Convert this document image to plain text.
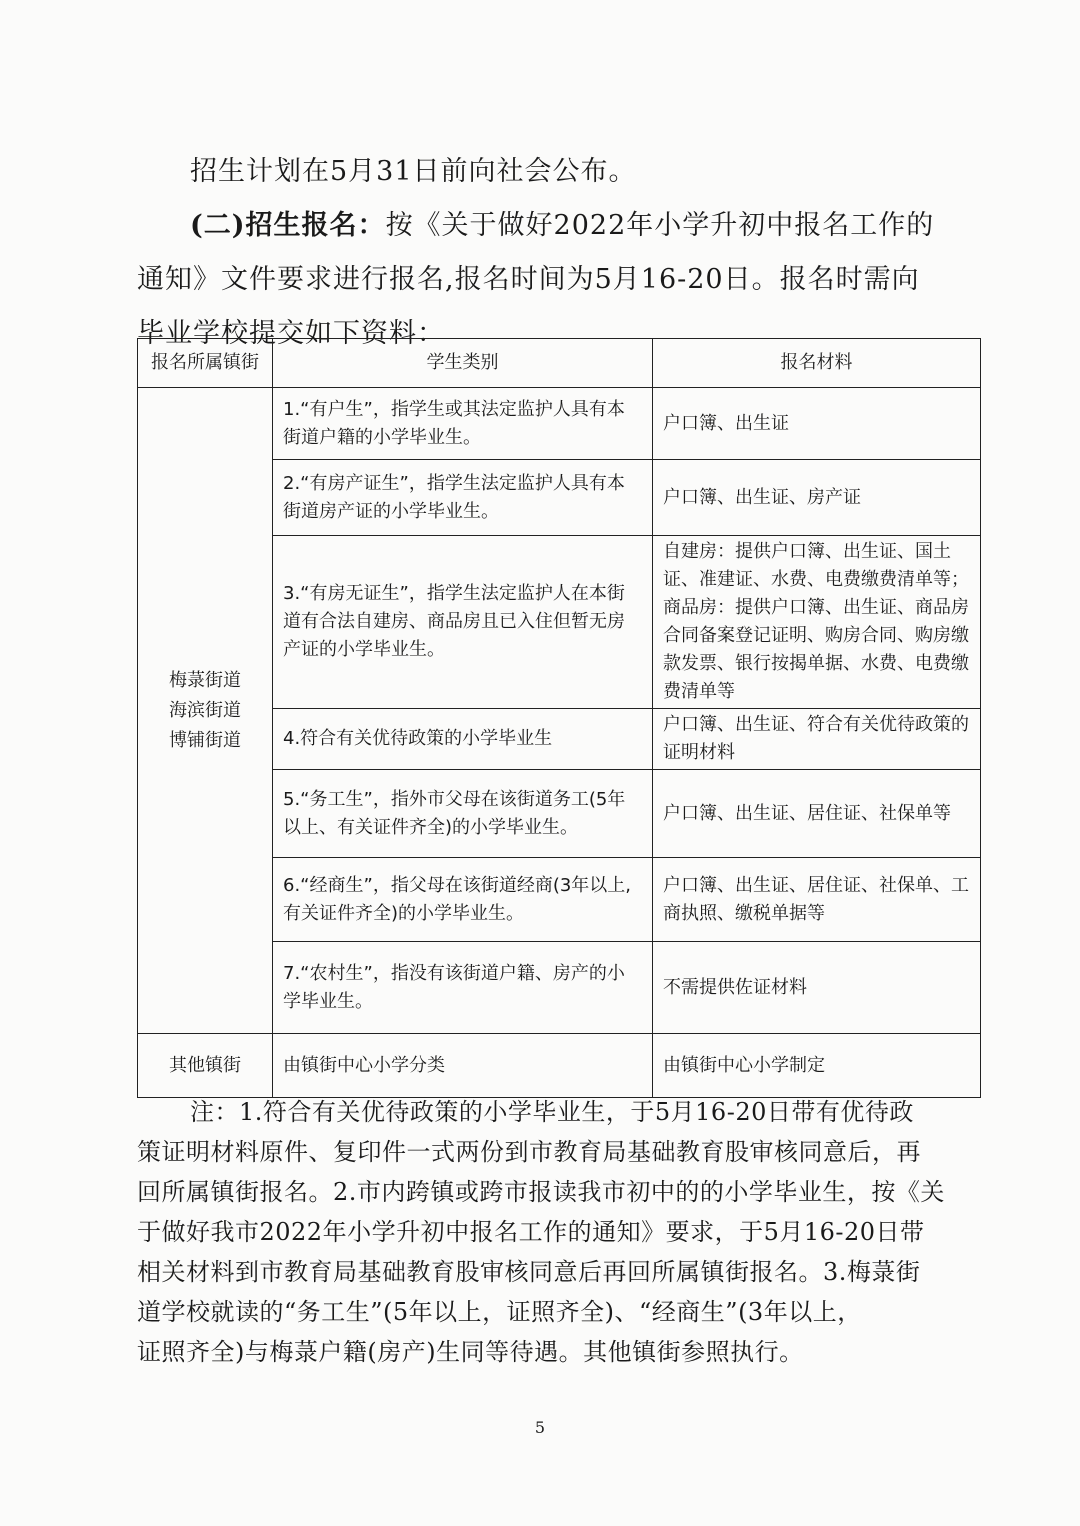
招生计划在5月31日前向社会公布。
(二)招生报名：按《关于做好2022年小学升初中报名工作的
通知》文件要求进行报名,报名时间为5月16-20日。报名时需向
毕业学校提交如下资料：
报名所属镇街	学生类别	报名材料

梅菉街道
海滨街道
博铺街道	1.“有户生”，指学生或其法定监护人具有本街道户籍的小学毕业生。	户口簿、出生证
	2.“有房产证生”，指学生法定监护人具有本街道房产证的小学毕业生。	户口簿、出生证、房产证
	3.“有房无证生”，指学生法定监护人在本街道有合法自建房、商品房且已入住但暂无房产证的小学毕业生。	自建房：提供户口簿、出生证、国土证、准建证、水费、电费缴费清单等；商品房：提供户口簿、出生证、商品房合同备案登记证明、购房合同、购房缴款发票、银行按揭单据、水费、电费缴费清单等
	4.符合有关优待政策的小学毕业生	户口簿、出生证、符合有关优待政策的证明材料
	5.“务工生”，指外市父母在该街道务工(5年以上、有关证件齐全)的小学毕业生。	户口簿、出生证、居住证、社保单等
	6.“经商生”，指父母在该街道经商(3年以上,有关证件齐全)的小学毕业生。	户口簿、出生证、居住证、社保单、工商执照、缴税单据等
	7.“农村生”，指没有该街道户籍、房产的小学毕业生。	不需提供佐证材料
其他镇街	由镇街中心小学分类	由镇街中心小学制定
注：1.符合有关优待政策的小学毕业生，于5月16-20日带有优待政
策证明材料原件、复印件一式两份到市教育局基础教育股审核同意后，再
回所属镇街报名。2.市内跨镇或跨市报读我市初中的的小学毕业生，按《关
于做好我市2022年小学升初中报名工作的通知》要求，于5月16-20日带
相关材料到市教育局基础教育股审核同意后再回所属镇街报名。3.梅菉街
道学校就读的“务工生”(5年以上，证照齐全)、“经商生”(3年以上，
证照齐全)与梅菉户籍(房产)生同等待遇。其他镇街参照执行。
5
